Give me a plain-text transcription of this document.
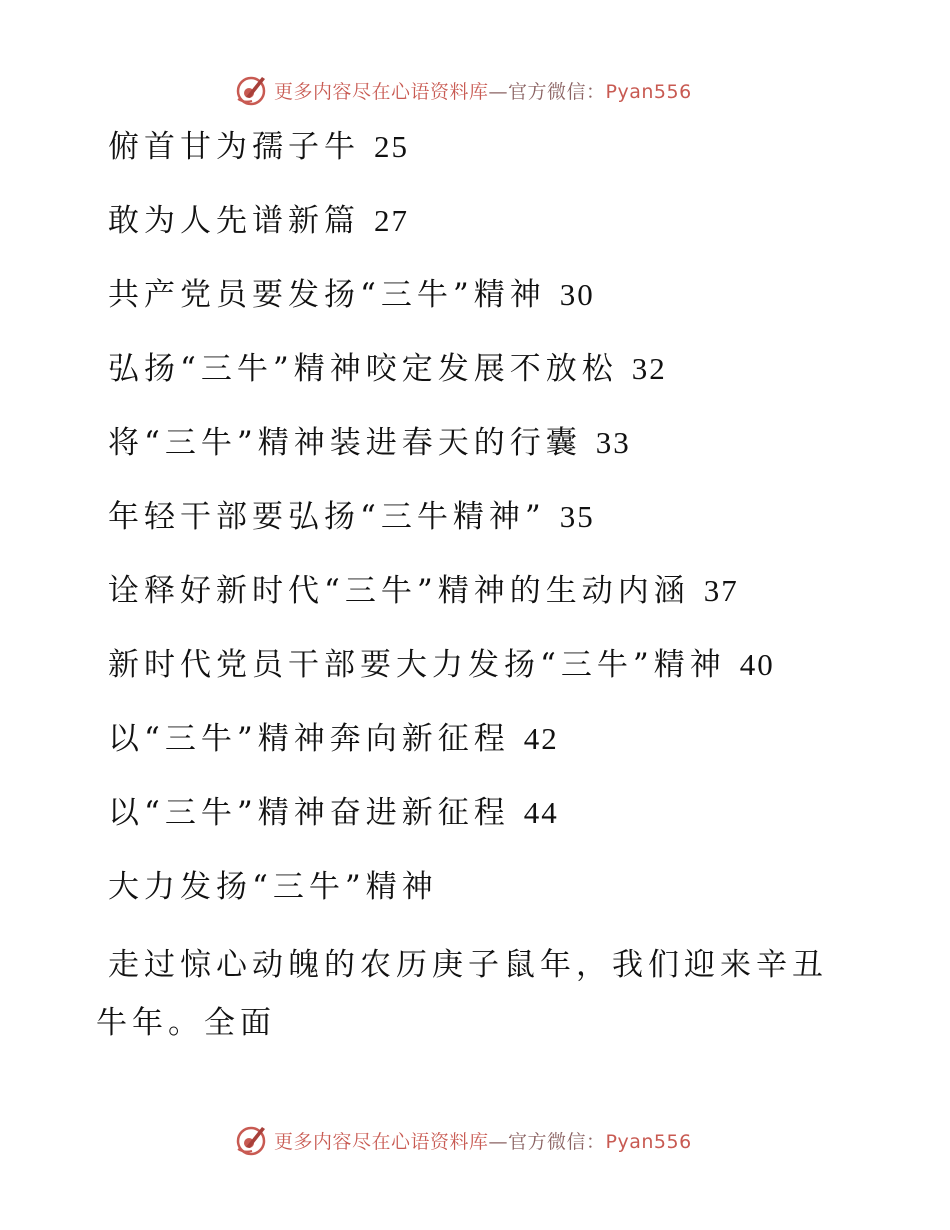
更多内容尽在心语资料库—官方微信：Pyan556
俯首甘为孺子牛 25
敢为人先谱新篇 27
共产党员要发扬“三牛”精神 30
弘扬“三牛”精神咬定发展不放松 32
将“三牛”精神装进春天的行囊 33
年轻干部要弘扬“三牛精神” 35
诠释好新时代“三牛”精神的生动内涵 37
新时代党员干部要大力发扬“三牛”精神 40
以“三牛”精神奔向新征程 42
以“三牛”精神奋进新征程 44
大力发扬“三牛”精神

走过惊心动魄的农历庚子鼠年，我们迎来辛丑牛年。全面

更多内容尽在心语资料库—官方微信：Pyan556
